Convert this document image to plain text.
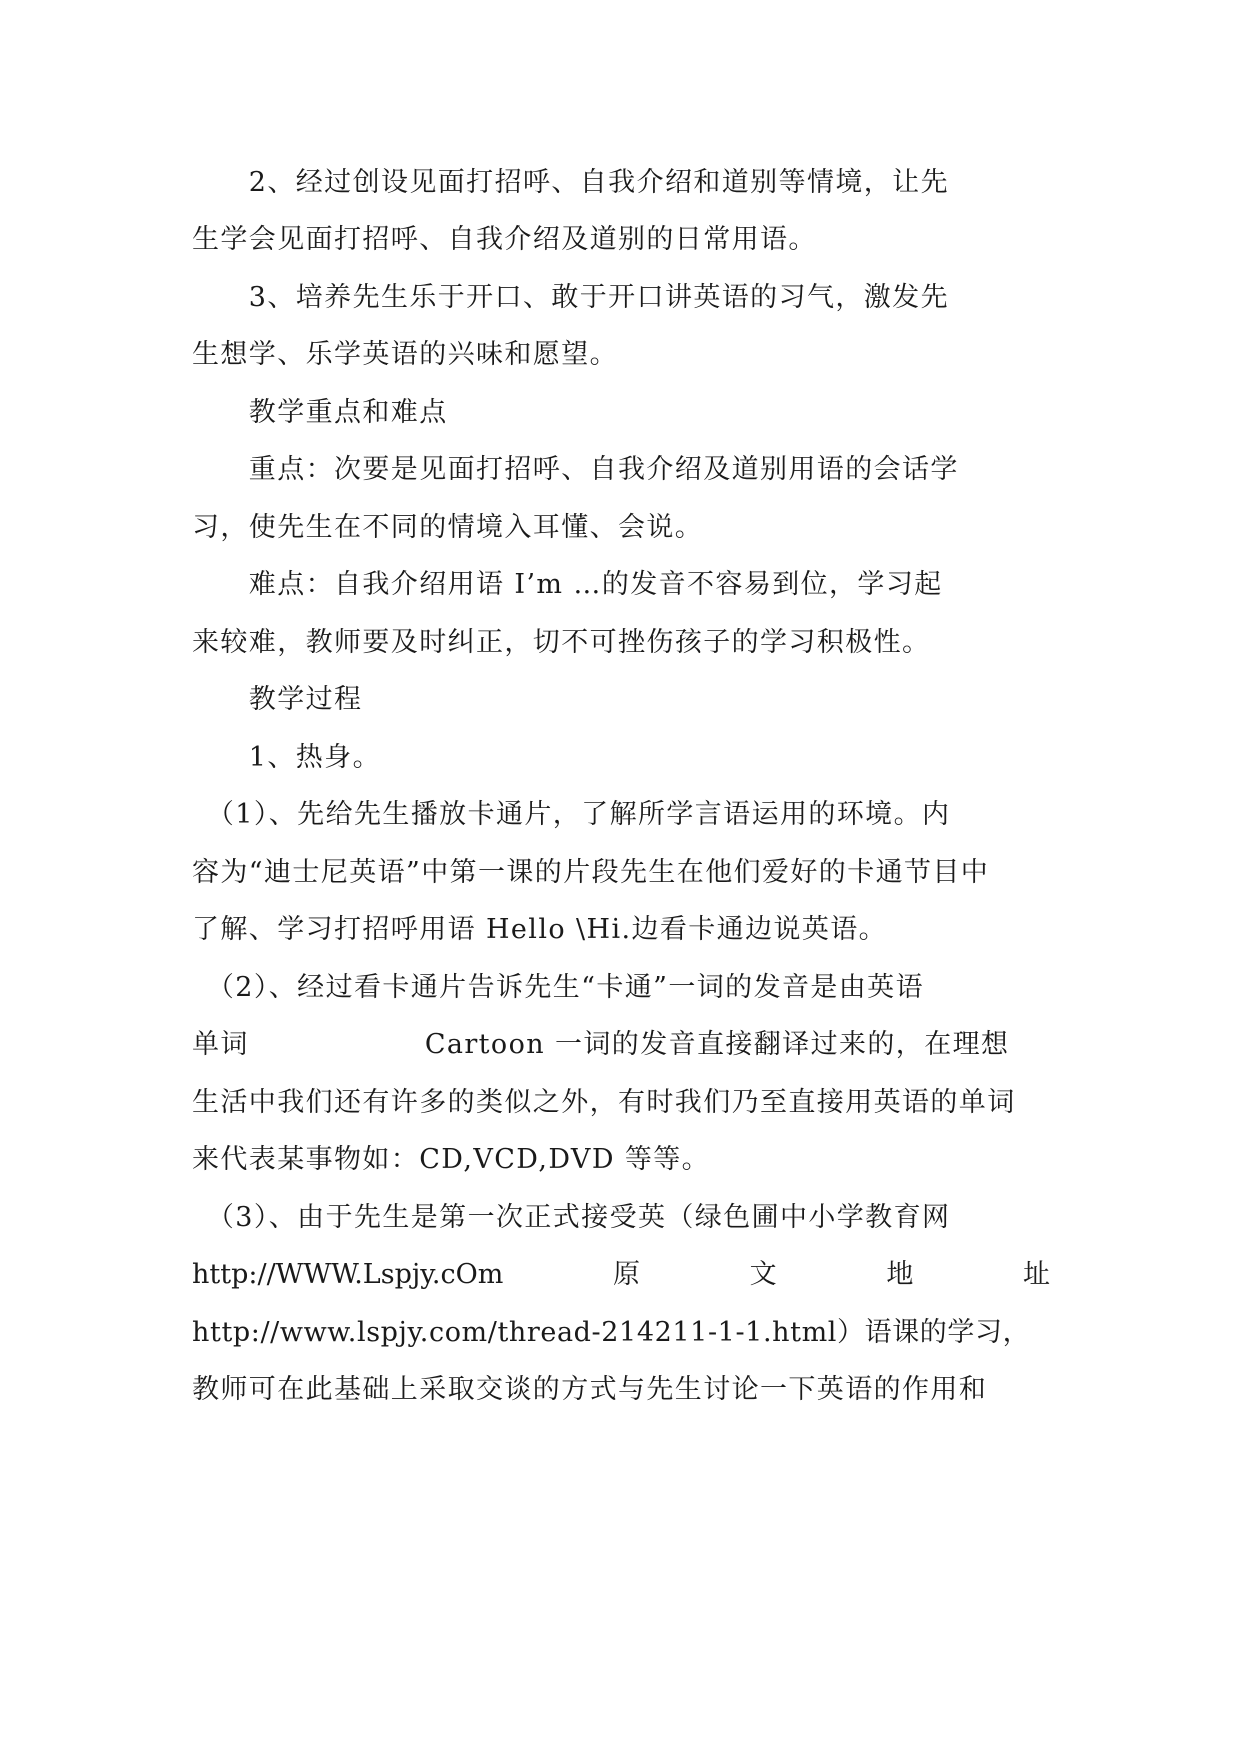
　　2、经过创设见面打招呼、自我介绍和道别等情境，让先
生学会见面打招呼、自我介绍及道别的日常用语。
　　3、培养先生乐于开口、敢于开口讲英语的习气，激发先
生想学、乐学英语的兴味和愿望。
　　教学重点和难点
　　重点：次要是见面打招呼、自我介绍及道别用语的会话学
习，使先生在不同的情境入耳懂、会说。
　　难点：自我介绍用语 I’m …的发音不容易到位，学习起
来较难，教师要及时纠正，切不可挫伤孩子的学习积极性。
　　教学过程
　　1、热身。
　（1）、先给先生播放卡通片，了解所学言语运用的环境。内
容为“迪士尼英语”中第一课的片段先生在他们爱好的卡通节目中
了解、学习打招呼用语 Hello \Hi.边看卡通边说英语。
　（2）、经过看卡通片告诉先生“卡通”一词的发音是由英语
单词	Cartoon 一词的发音直接翻译过来的，在理想
生活中我们还有许多的类似之外，有时我们乃至直接用英语的单词
来代表某事物如：CD,VCD,DVD 等等。
　（3）、由于先生是第一次正式接受英（绿色圃中小学教育网
http://WWW.Lspjy.cOm	原	文	地	址
http://www.lspjy.com/thread-214211-1-1.html）语课的学习，
教师可在此基础上采取交谈的方式与先生讨论一下英语的作用和
